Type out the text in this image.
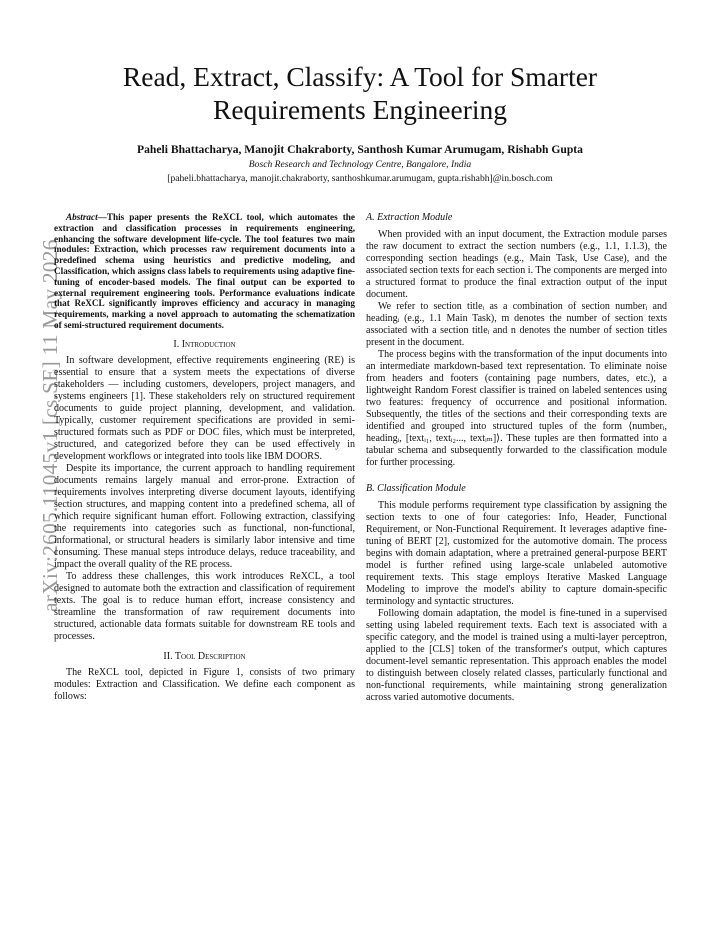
arXiv:2605.11045v1 [cs.SE] 11 May 2026
Read, Extract, Classify: A Tool for Smarter
Requirements Engineering
Paheli Bhattacharya, Manojit Chakraborty, Santhosh Kumar Arumugam, Rishabh Gupta
Bosch Research and Technology Centre, Bangalore, India
[paheli.bhattacharya, manojit.chakraborty, santhoshkumar.arumugam, gupta.rishabh]@in.bosch.com

Abstract—This paper presents the ReXCL tool, which automates the extraction and classification processes in requirements engineering, enhancing the software development life-cycle. The tool features two main modules: Extraction, which processes raw requirement documents into a predefined schema using heuristics and predictive modeling, and Classification, which assigns class labels to requirements using adaptive fine-tuning of encoder-based models. The final output can be exported to external requirement engineering tools. Performance evaluations indicate that ReXCL significantly improves efficiency and accuracy in managing requirements, marking a novel approach to automating the schematization of semi-structured requirement documents.

I. Introduction

In software development, effective requirements engineering (RE) is essential to ensure that a system meets the expectations of diverse stakeholders — including customers, developers, project managers, and systems engineers [1]. These stakeholders rely on structured requirement documents to guide project planning, development, and validation. Typically, customer requirement specifications are provided in semi-structured formats such as PDF or DOC files, which must be interpreted, structured, and categorized before they can be used effectively in development workflows or integrated into tools like IBM DOORS.

Despite its importance, the current approach to handling requirement documents remains largely manual and error-prone. Extraction of requirements involves interpreting diverse document layouts, identifying section structures, and mapping content into a predefined schema, all of which require significant human effort. Following extraction, classifying the requirements into categories such as functional, non-functional, informational, or structural headers is similarly labor intensive and time consuming. These manual steps introduce delays, reduce traceability, and impact the overall quality of the RE process.

To address these challenges, this work introduces ReXCL, a tool designed to automate both the extraction and classification of requirement texts. The goal is to reduce human effort, increase consistency and streamline the transformation of raw requirement documents into structured, actionable data formats suitable for downstream RE tools and processes.

II. Tool Description

The ReXCL tool, depicted in Figure 1, consists of two primary modules: Extraction and Classification. We define each component as follows:

A. Extraction Module

When provided with an input document, the Extraction module parses the raw document to extract the section numbers (e.g., 1.1, 1.1.3), the corresponding section headings (e.g., Main Task, Use Case), and the associated section texts for each section i. The components are merged into a structured format to produce the final extraction output of the input document.

We refer to section titleᵢ as a combination of section numberᵢ and headingᵢ (e.g., 1.1 Main Task), m denotes the number of section texts associated with a section titleᵢ and n denotes the number of section titles present in the document.

The process begins with the transformation of the input documents into an intermediate markdown-based text representation. To eliminate noise from headers and footers (containing page numbers, dates, etc.), a lightweight Random Forest classifier is trained on labeled sentences using two features: frequency of occurrence and positional information. Subsequently, the titles of the sections and their corresponding texts are identified and grouped into structured tuples of the form ⟨numberᵢ, headingᵢ, [textᵢ₁, textᵢ₂..., textᵢₘ]⟩. These tuples are then formatted into a tabular schema and subsequently forwarded to the classification module for further processing.

B. Classification Module

This module performs requirement type classification by assigning the section texts to one of four categories: Info, Header, Functional Requirement, or Non-Functional Requirement. It leverages adaptive fine-tuning of BERT [2], customized for the automotive domain. The process begins with domain adaptation, where a pretrained general-purpose BERT model is further refined using large-scale unlabeled automotive requirement texts. This stage employs Iterative Masked Language Modeling to improve the model's ability to capture domain-specific terminology and syntactic structures.

Following domain adaptation, the model is fine-tuned in a supervised setting using labeled requirement texts. Each text is associated with a specific category, and the model is trained using a multi-layer perceptron, applied to the [CLS] token of the transformer's output, which captures document-level semantic representation. This approach enables the model to distinguish between closely related classes, particularly functional and non-functional requirements, while maintaining strong generalization across varied automotive documents.
